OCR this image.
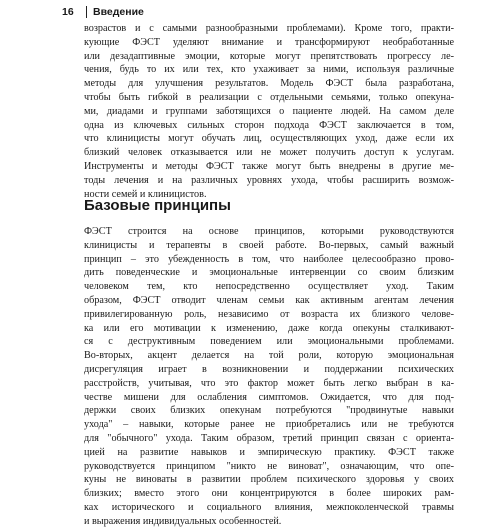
16	Введение
возрастов и с самыми разнообразными проблемами). Кроме того, практи-
кующие ФЭСТ уделяют внимание и трансформируют необработанные
или дезадаптивные эмоции, которые могут препятствовать прогрессу ле-
чения, будь то их или тех, кто ухаживает за ними, используя различные
методы для улучшения результатов. Модель ФЭСТ была разработана,
чтобы быть гибкой в реализации с отдельными семьями, только опекуна-
ми, диадами и группами заботящихся о пациенте людей. На самом деле
одна из ключевых сильных сторон подхода ФЭСТ заключается в том,
что клиницисты могут обучать лиц, осуществляющих уход, даже если их
близкий человек отказывается или не может получить доступ к услугам.
Инструменты и методы ФЭСТ также могут быть внедрены в другие ме-
тоды лечения и на различных уровнях ухода, чтобы расширить возмож-
ности семей и клиницистов.
Базовые принципы
ФЭСТ строится на основе принципов, которыми руководствуются
клиницисты и терапевты в своей работе. Во-первых, самый важный
принцип – это убежденность в том, что наиболее целесообразно прово-
дить поведенческие и эмоциональные интервенции со своим близким
человеком тем, кто непосредственно осуществляет уход. Таким
образом, ФЭСТ отводит членам семьи как активным агентам лечения
привилегированную роль, независимо от возраста их близкого челове-
ка или его мотивации к изменению, даже когда опекуны сталкивают-
ся с деструктивным поведением или эмоциональными проблемами.
Во-вторых, акцент делается на той роли, которую эмоциональная
дисрегуляция играет в возникновении и поддержании психических
расстройств, учитывая, что это фактор может быть легко выбран в ка-
честве мишени для ослабления симптомов. Ожидается, что для под-
держки своих близких опекунам потребуются "продвинутые навыки
ухода" – навыки, которые ранее не приобретались или не требуются
для "обычного" ухода. Таким образом, третий принцип связан с ориента-
цией на развитие навыков и эмпирическую практику. ФЭСТ также
руководствуется принципом "никто не виноват", означающим, что опе-
куны не виноваты в развитии проблем психического здоровья у своих
близких; вместо этого они концентрируются в более широких рам-
ках исторического и социального влияния, межпоколенческой травмы
и выражения индивидуальных особенностей.
